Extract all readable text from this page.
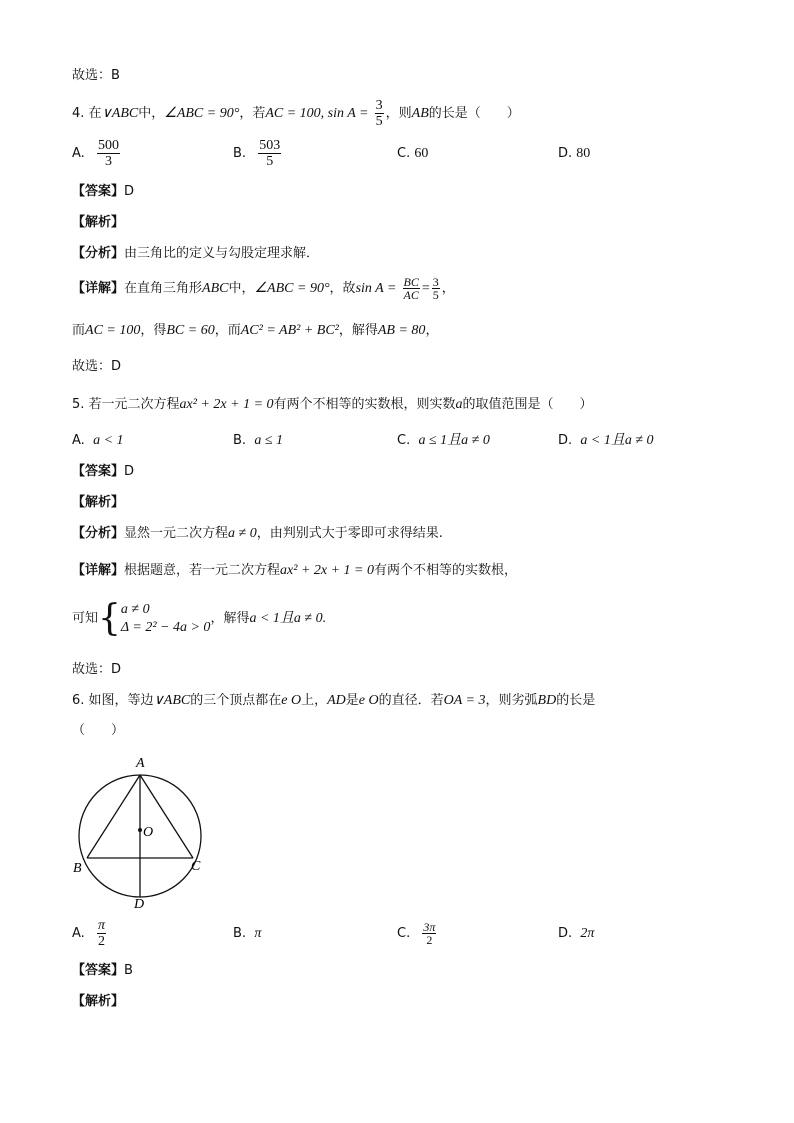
故选：B
4. 在∨ABC中，∠ABC = 90°，若AC = 100, $\sin A = \frac{3}{5}$ ，则AB的长是（　　）
A. $\frac{500}{3}$	B. $\frac{503}{5}$	C. 60	D. 80
【答案】D
【解析】
【分析】由三角比的定义与勾股定理求解．
【详解】在直角三角形ABC中，∠ABC = 90°，故$\sin A = \frac{BC}{AC} = \frac{3}{5}$ ，
而AC = 100，得BC = 60，而AC² = AB² + BC²，解得AB = 80，
故选：D
5. 若一元二次方程ax² + 2x + 1 = 0有两个不相等的实数根，则实数a的取值范围是（　　）
A. a < 1	B. a ≤ 1	C. a ≤ 1且a ≠ 0	D. a < 1且a ≠ 0
【答案】D
【解析】
【分析】显然一元二次方程a ≠ 0，由判别式大于零即可求得结果.
【详解】根据题意，若一元二次方程ax² + 2x + 1 = 0有两个不相等的实数根，
可知{ a ≠ 0
Δ = 2² − 4a > 0
，解得a < 1且a ≠ 0.
故选：D
6. 如图，等边∨ABC的三个顶点都在e O上，AD是e O的直径．若OA = 3，则劣弧BD的长是
（　　）
A
O
B	C
D
A. $\frac{\pi}{2}$	B. π	C. $\frac{3\pi}{2}$	D. 2π
【答案】B
【解析】
